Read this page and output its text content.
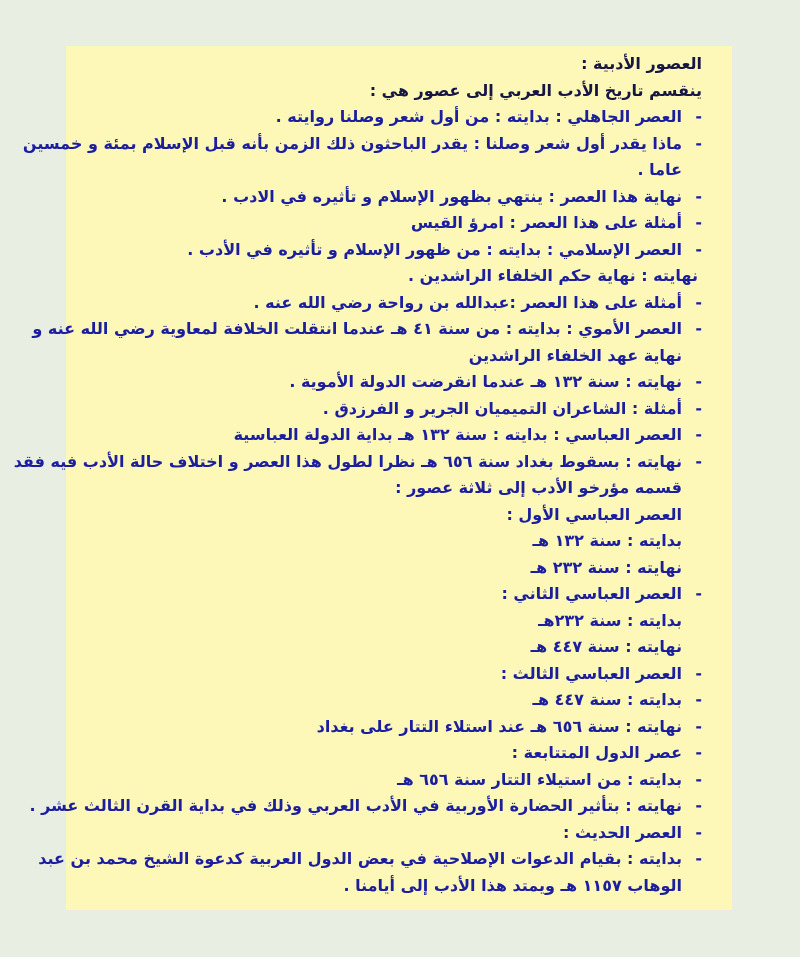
العصور الأدبية :
ينقسم تاريخ الأدب العربي إلى عصور هي :
- العصر الجاهلي : بدايته : من أول شعر وصلنا روايته .
- ماذا يقدر أول شعر وصلنا : يقدر الباحثون ذلك الزمن بأنه قبل الإسلام بمئة و خمسين
عاما .
- نهاية هذا العصر : ينتهي بظهور الإسلام و تأثيره في الادب .
- أمثلة على هذا العصر : امرؤ القيس
- العصر الإسلامي : بدايته : من ظهور الإسلام و تأثيره في الأدب .
نهايته : نهاية حكم الخلفاء الراشدين .
- أمثلة على هذا العصر :عبدالله بن رواحة رضي الله عنه .
- العصر الأموي : بدايته : من سنة ٤١ هـ عندما انتقلت الخلافة لمعاوية رضي الله عنه و
نهاية عهد الخلفاء الراشدين
- نهايته : سنة ١٣٢ هـ عندما انقرضت الدولة الأموية .
- أمثلة : الشاعران التميميان الجرير و الفرزدق .
- العصر العباسي : بدايته : سنة ١٣٢ هـ بداية الدولة العباسية
- نهايته : بسقوط بغداد سنة ٦٥٦ هـ نظرا لطول هذا العصر و اختلاف حالة الأدب فيه فقد
قسمه مؤرخو الأدب إلى ثلاثة عصور :
العصر العباسي الأول :
بدايته : سنة ١٣٢ هـ
نهايته : سنة ٢٣٢ هـ
- العصر العباسي الثاني :
بدايته : سنة ٢٣٢هـ
نهايته : سنة ٤٤٧ هـ
- العصر العباسي الثالث :
- بدايته : سنة ٤٤٧ هـ
- نهايته : سنة ٦٥٦ هـ عند استلاء التتار على بغداد
- عصر الدول المتتابعة :
- بدايته : من استيلاء التتار سنة ٦٥٦ هـ
- نهايته : بتأثير الحضارة الأوربية في الأدب العربي وذلك في بداية القرن الثالث عشر .
- العصر الحديث :
- بدايته : بقيام الدعوات الإصلاحية في بعض الدول العربية كدعوة الشيخ محمد بن عبد
الوهاب ١١٥٧ هـ ويمتد هذا الأدب إلى أيامنا .
